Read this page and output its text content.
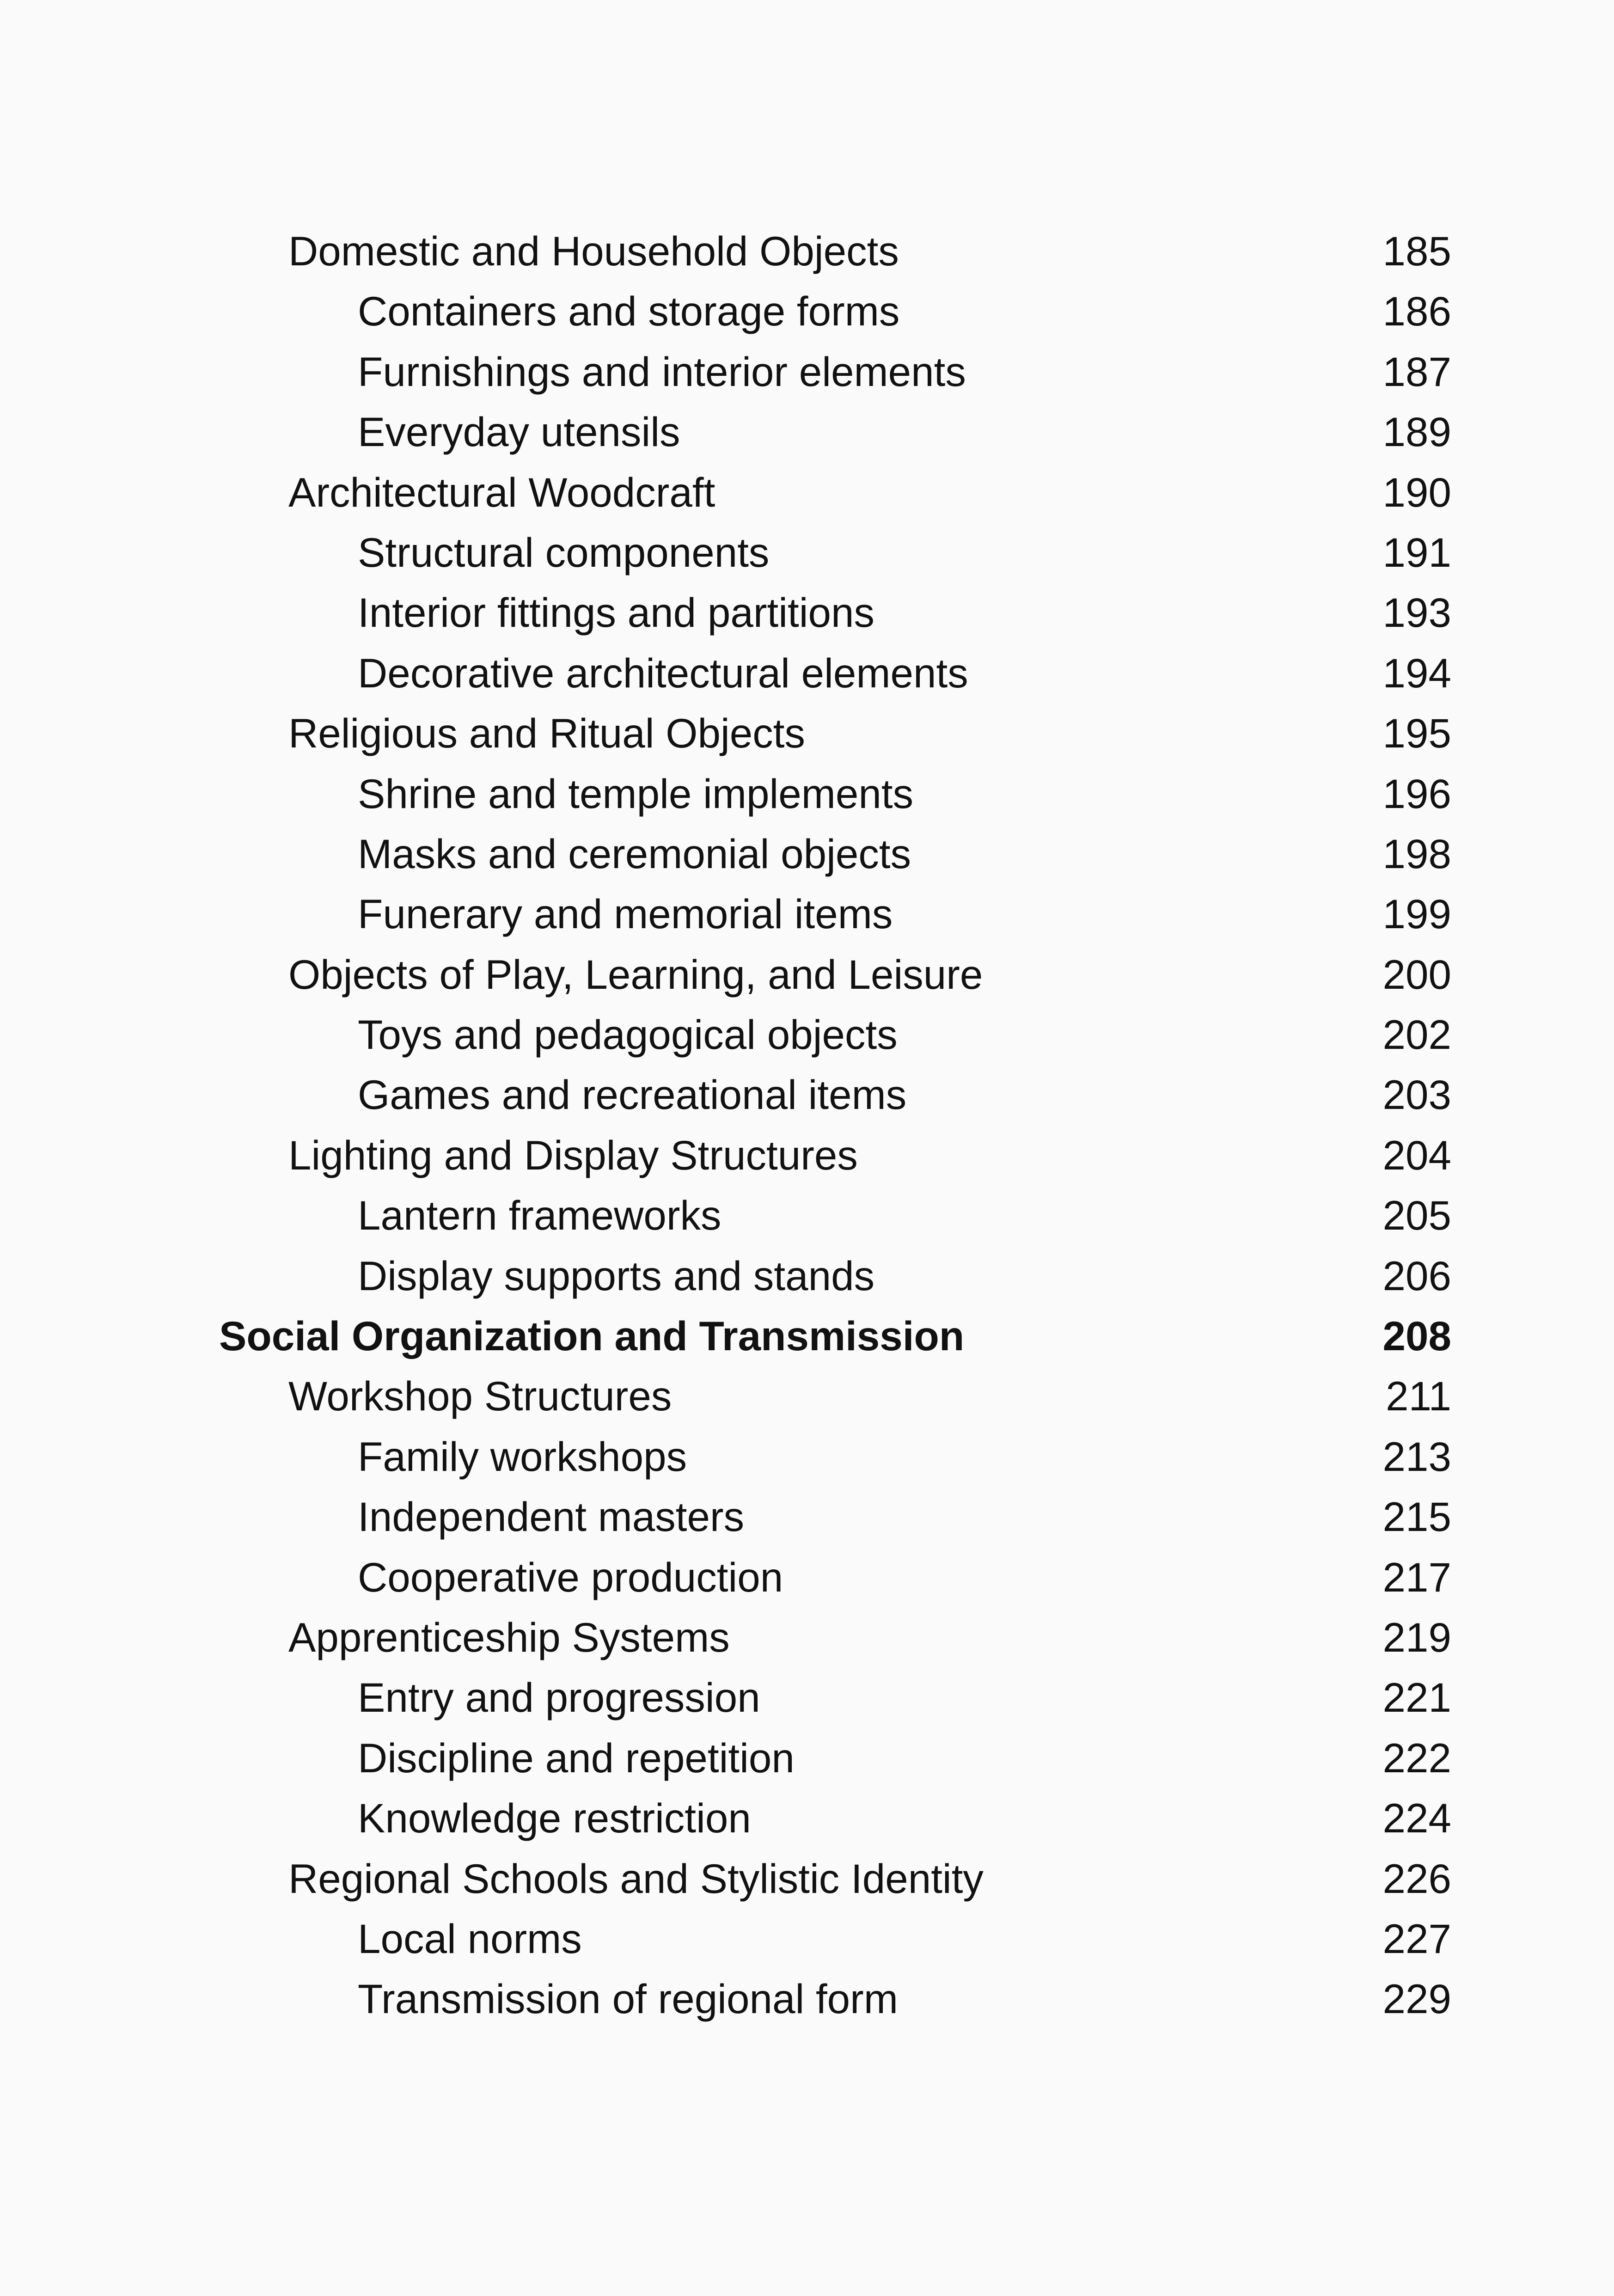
Domestic and Household Objects	185
Containers and storage forms	186
Furnishings and interior elements	187
Everyday utensils	189
Architectural Woodcraft	190
Structural components	191
Interior fittings and partitions	193
Decorative architectural elements	194
Religious and Ritual Objects	195
Shrine and temple implements	196
Masks and ceremonial objects	198
Funerary and memorial items	199
Objects of Play, Learning, and Leisure	200
Toys and pedagogical objects	202
Games and recreational items	203
Lighting and Display Structures	204
Lantern frameworks	205
Display supports and stands	206
Social Organization and Transmission	208
Workshop Structures	211
Family workshops	213
Independent masters	215
Cooperative production	217
Apprenticeship Systems	219
Entry and progression	221
Discipline and repetition	222
Knowledge restriction	224
Regional Schools and Stylistic Identity	226
Local norms	227
Transmission of regional form	229
